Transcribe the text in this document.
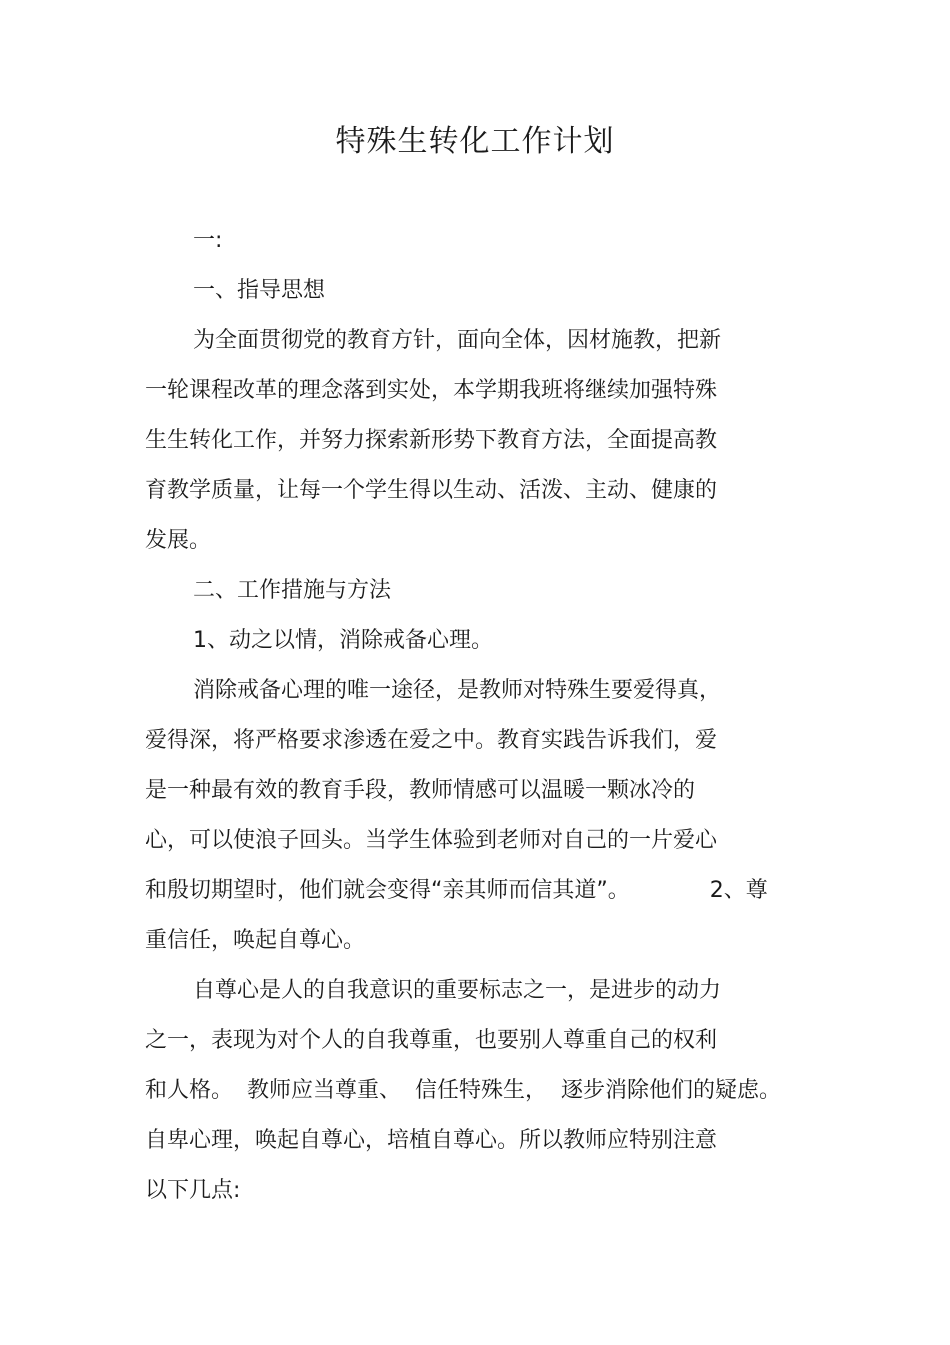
特殊生转化工作计划
一:
一、指导思想
为全面贯彻党的教育方针，面向全体，因材施教，把新
一轮课程改革的理念落到实处，本学期我班将继续加强特殊
生生转化工作，并努力探索新形势下教育方法，全面提高教
育教学质量，让每一个学生得以生动、活泼、主动、健康的
发展。
二、工作措施与方法
1、动之以情，消除戒备心理。
消除戒备心理的唯一途径，是教师对特殊生要爱得真，
爱得深，将严格要求渗透在爱之中。教育实践告诉我们，爱
是一种最有效的教育手段，教师情感可以温暖一颗冰冷的
心，可以使浪子回头。当学生体验到老师对自己的一片爱心
和殷切期望时，他们就会变得“亲其师而信其道”。	2、尊
重信任，唤起自尊心。
自尊心是人的自我意识的重要标志之一，是进步的动力
之一，表现为对个人的自我尊重，也要别人尊重自己的权利
和人格。 教师应当尊重、 信任特殊生， 逐步消除他们的疑虑。
自卑心理，唤起自尊心，培植自尊心。所以教师应特别注意
以下几点:
